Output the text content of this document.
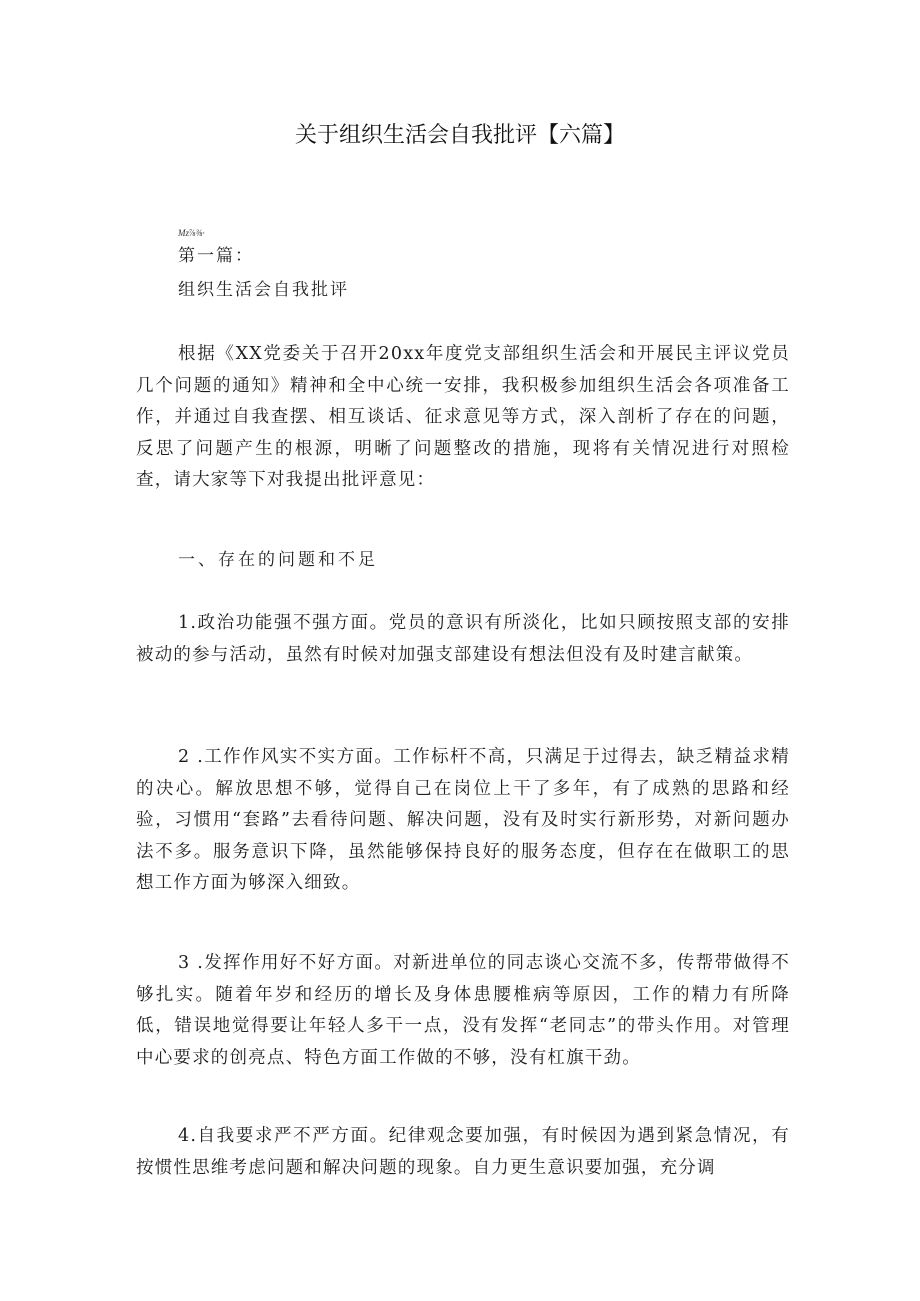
关于组织生活会自我批评【六篇】
Mz⅞⅜·
第一篇：
组织生活会自我批评

根据《XX党委关于召开20xx年度党支部组织生活会和开展民主评议党员几个问题的通知》精神和全中心统一安排，我积极参加组织生活会各项准备工作，并通过自我查摆、相互谈话、征求意见等方式，深入剖析了存在的问题，反思了问题产生的根源，明晰了问题整改的措施，现将有关情况进行对照检查，请大家等下对我提出批评意见：

一、存在的问题和不足

1.政治功能强不强方面。党员的意识有所淡化，比如只顾按照支部的安排被动的参与活动，虽然有时候对加强支部建设有想法但没有及时建言献策。

2 .工作作风实不实方面。工作标杆不高，只满足于过得去，缺乏精益求精的决心。解放思想不够，觉得自己在岗位上干了多年，有了成熟的思路和经验，习惯用“套路”去看待问题、解决问题，没有及时实行新形势，对新问题办法不多。服务意识下降，虽然能够保持良好的服务态度，但存在在做职工的思想工作方面为够深入细致。

3 .发挥作用好不好方面。对新进单位的同志谈心交流不多，传帮带做得不够扎实。随着年岁和经历的增长及身体患腰椎病等原因，工作的精力有所降低，错误地觉得要让年轻人多干一点，没有发挥“老同志”的带头作用。对管理中心要求的创亮点、特色方面工作做的不够，没有杠旗干劲。

4.自我要求严不严方面。纪律观念要加强，有时候因为遇到紧急情况，有按惯性思维考虑问题和解决问题的现象。自力更生意识要加强，充分调
